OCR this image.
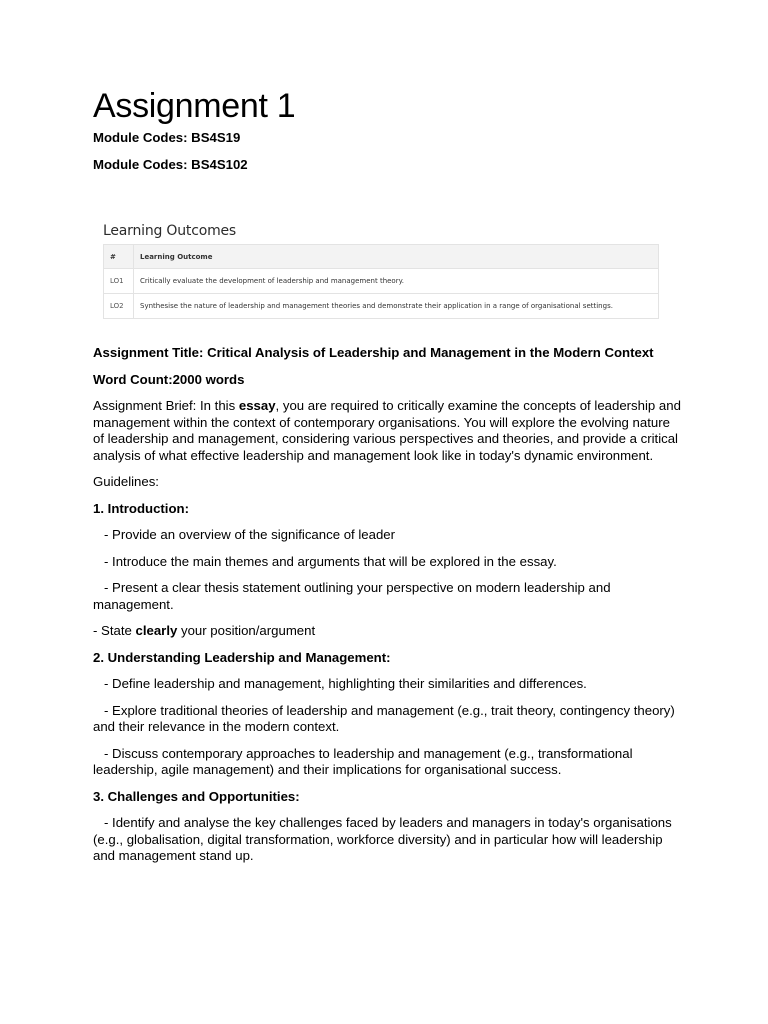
Assignment 1

Module Codes: BS4S19

Module Codes: BS4S102

Learning Outcomes
#	Learning Outcome
LO1	Critically evaluate the development of leadership and management theory.
LO2	Synthesise the nature of leadership and management theories and demonstrate their application in a range of organisational settings.

Assignment Title: Critical Analysis of Leadership and Management in the Modern Context

Word Count:2000 words

Assignment Brief: In this essay, you are required to critically examine the concepts of leadership and management within the context of contemporary organisations. You will explore the evolving nature of leadership and management, considering various perspectives and theories, and provide a critical analysis of what effective leadership and management look like in today's dynamic environment.

Guidelines:

1. Introduction:

- Provide an overview of the significance of leader

- Introduce the main themes and arguments that will be explored in the essay.

- Present a clear thesis statement outlining your perspective on modern leadership and management.

- State clearly your position/argument

2. Understanding Leadership and Management:

- Define leadership and management, highlighting their similarities and differences.

- Explore traditional theories of leadership and management (e.g., trait theory, contingency theory) and their relevance in the modern context.

- Discuss contemporary approaches to leadership and management (e.g., transformational leadership, agile management) and their implications for organisational success.

3. Challenges and Opportunities:

- Identify and analyse the key challenges faced by leaders and managers in today's organisations (e.g., globalisation, digital transformation, workforce diversity) and in particular how will leadership and management stand up.
